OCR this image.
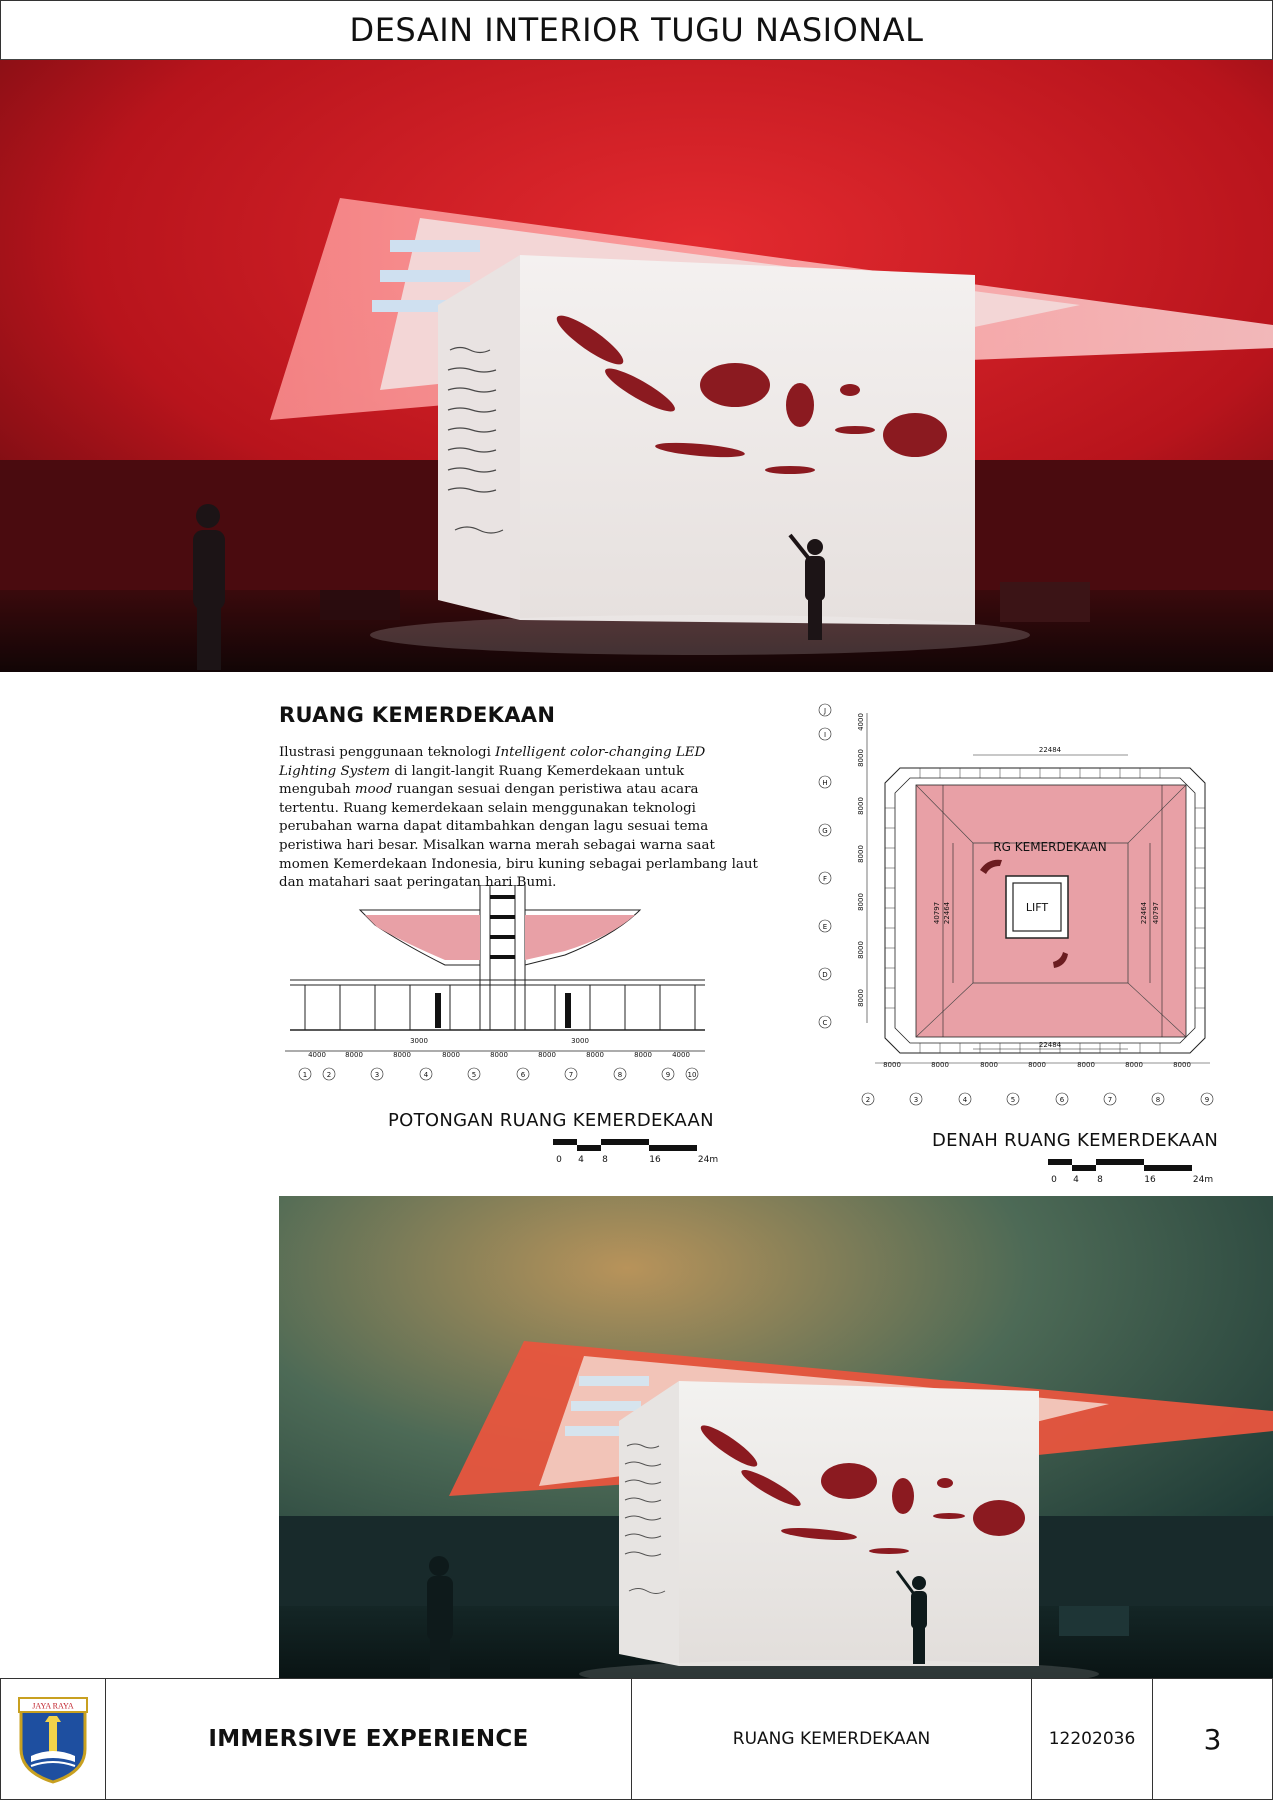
DESAIN INTERIOR TUGU NASIONAL
RUANG KEMERDEKAAN

Ilustrasi penggunaan teknologi Intelligent color-changing LED Lighting System di langit-langit Ruang Kemerdekaan untuk mengubah mood ruangan sesuai dengan peristiwa atau acara tertentu. Ruang kemerdekaan selain menggunakan teknologi perubahan warna dapat ditambahkan dengan lagu sesuai tema peristiwa hari besar. Misalkan warna merah sebagai warna saat momen Kemerdekaan Indonesia, biru kuning sebagai perlambang laut dan matahari saat peringatan hari Bumi.

3000	3000
4000	8000	8000	8000	8000	8000	8000	8000	4000
1	2	3	4	5	6	7	8	9 10

POTONGAN RUANG KEMERDEKAAN

0 4 8	16	24m
RG KEMERDEKAAN
LIFT
22484
22484
22464
40797	22464 40797
4000
8000
8000
8000
8000
8000
8000
J
I
H
G
F
E
D
C
8000	8000	8000	8000	8000	8000	8000
2	3	4	5	6	7	8	9

DENAH RUANG KEMERDEKAAN

0 4 8	16	24m
JAYA RAYA
IMMERSIVE EXPERIENCE	RUANG KEMERDEKAAN	12202036	3
